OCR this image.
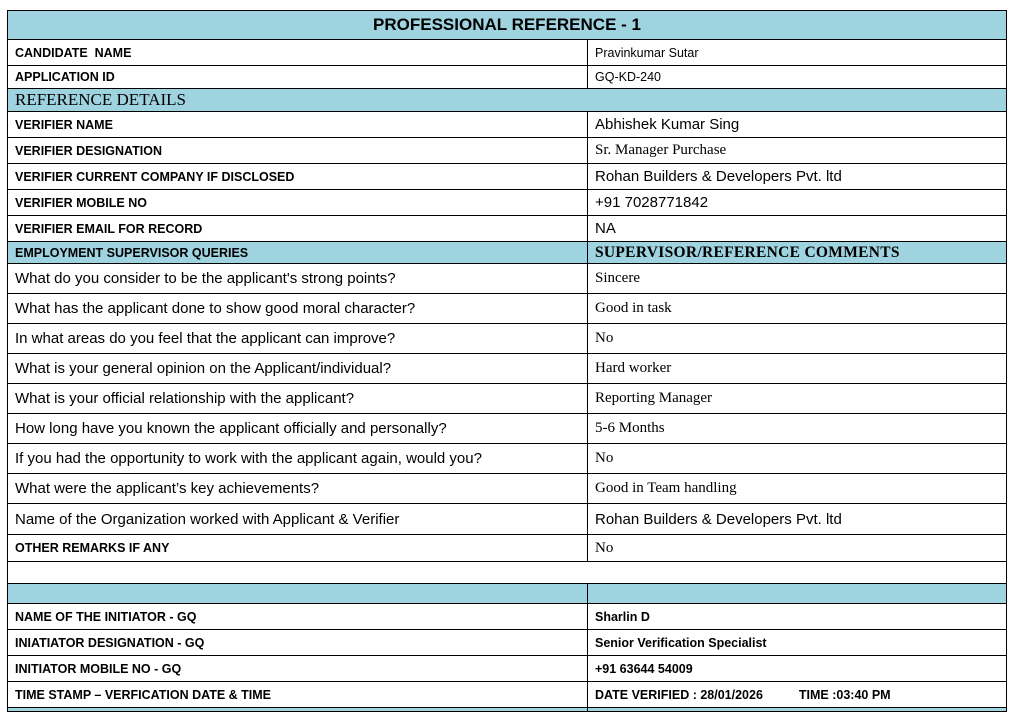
PROFESSIONAL REFERENCE - 1	
CANDIDATE  NAME	Pravinkumar Sutar
APPLICATION ID	GQ-KD-240
REFERENCE DETAILS	
VERIFIER NAME	Abhishek Kumar Sing
VERIFIER DESIGNATION	Sr. Manager Purchase
VERIFIER CURRENT COMPANY IF DISCLOSED	Rohan Builders & Developers Pvt. ltd
VERIFIER MOBILE NO	+91 7028771842
VERIFIER EMAIL FOR RECORD	NA
EMPLOYMENT SUPERVISOR QUERIES	SUPERVISOR/REFERENCE COMMENTS
What do you consider to be the applicant's strong points?	Sincere
What has the applicant done to show good moral character?	Good in task
In what areas do you feel that the applicant can improve?	No
What is your general opinion on the Applicant/individual?	Hard worker
What is your official relationship with the applicant?	Reporting Manager
How long have you known the applicant officially and personally?	5-6 Months
If you had the opportunity to work with the applicant again, would you?	No
What were the applicant’s key achievements?	Good in Team handling
Name of the Organization worked with Applicant & Verifier	Rohan Builders & Developers Pvt. ltd
OTHER REMARKS IF ANY	No

NAME OF THE INITIATOR - GQ	Sharlin D
INIATIATOR DESIGNATION - GQ	Senior Verification Specialist
INITIATOR MOBILE NO - GQ	+91 63644 54009
TIME STAMP – VERFICATION DATE & TIME	DATE VERIFIED : 28/01/2026 TIME :03:40 PM
